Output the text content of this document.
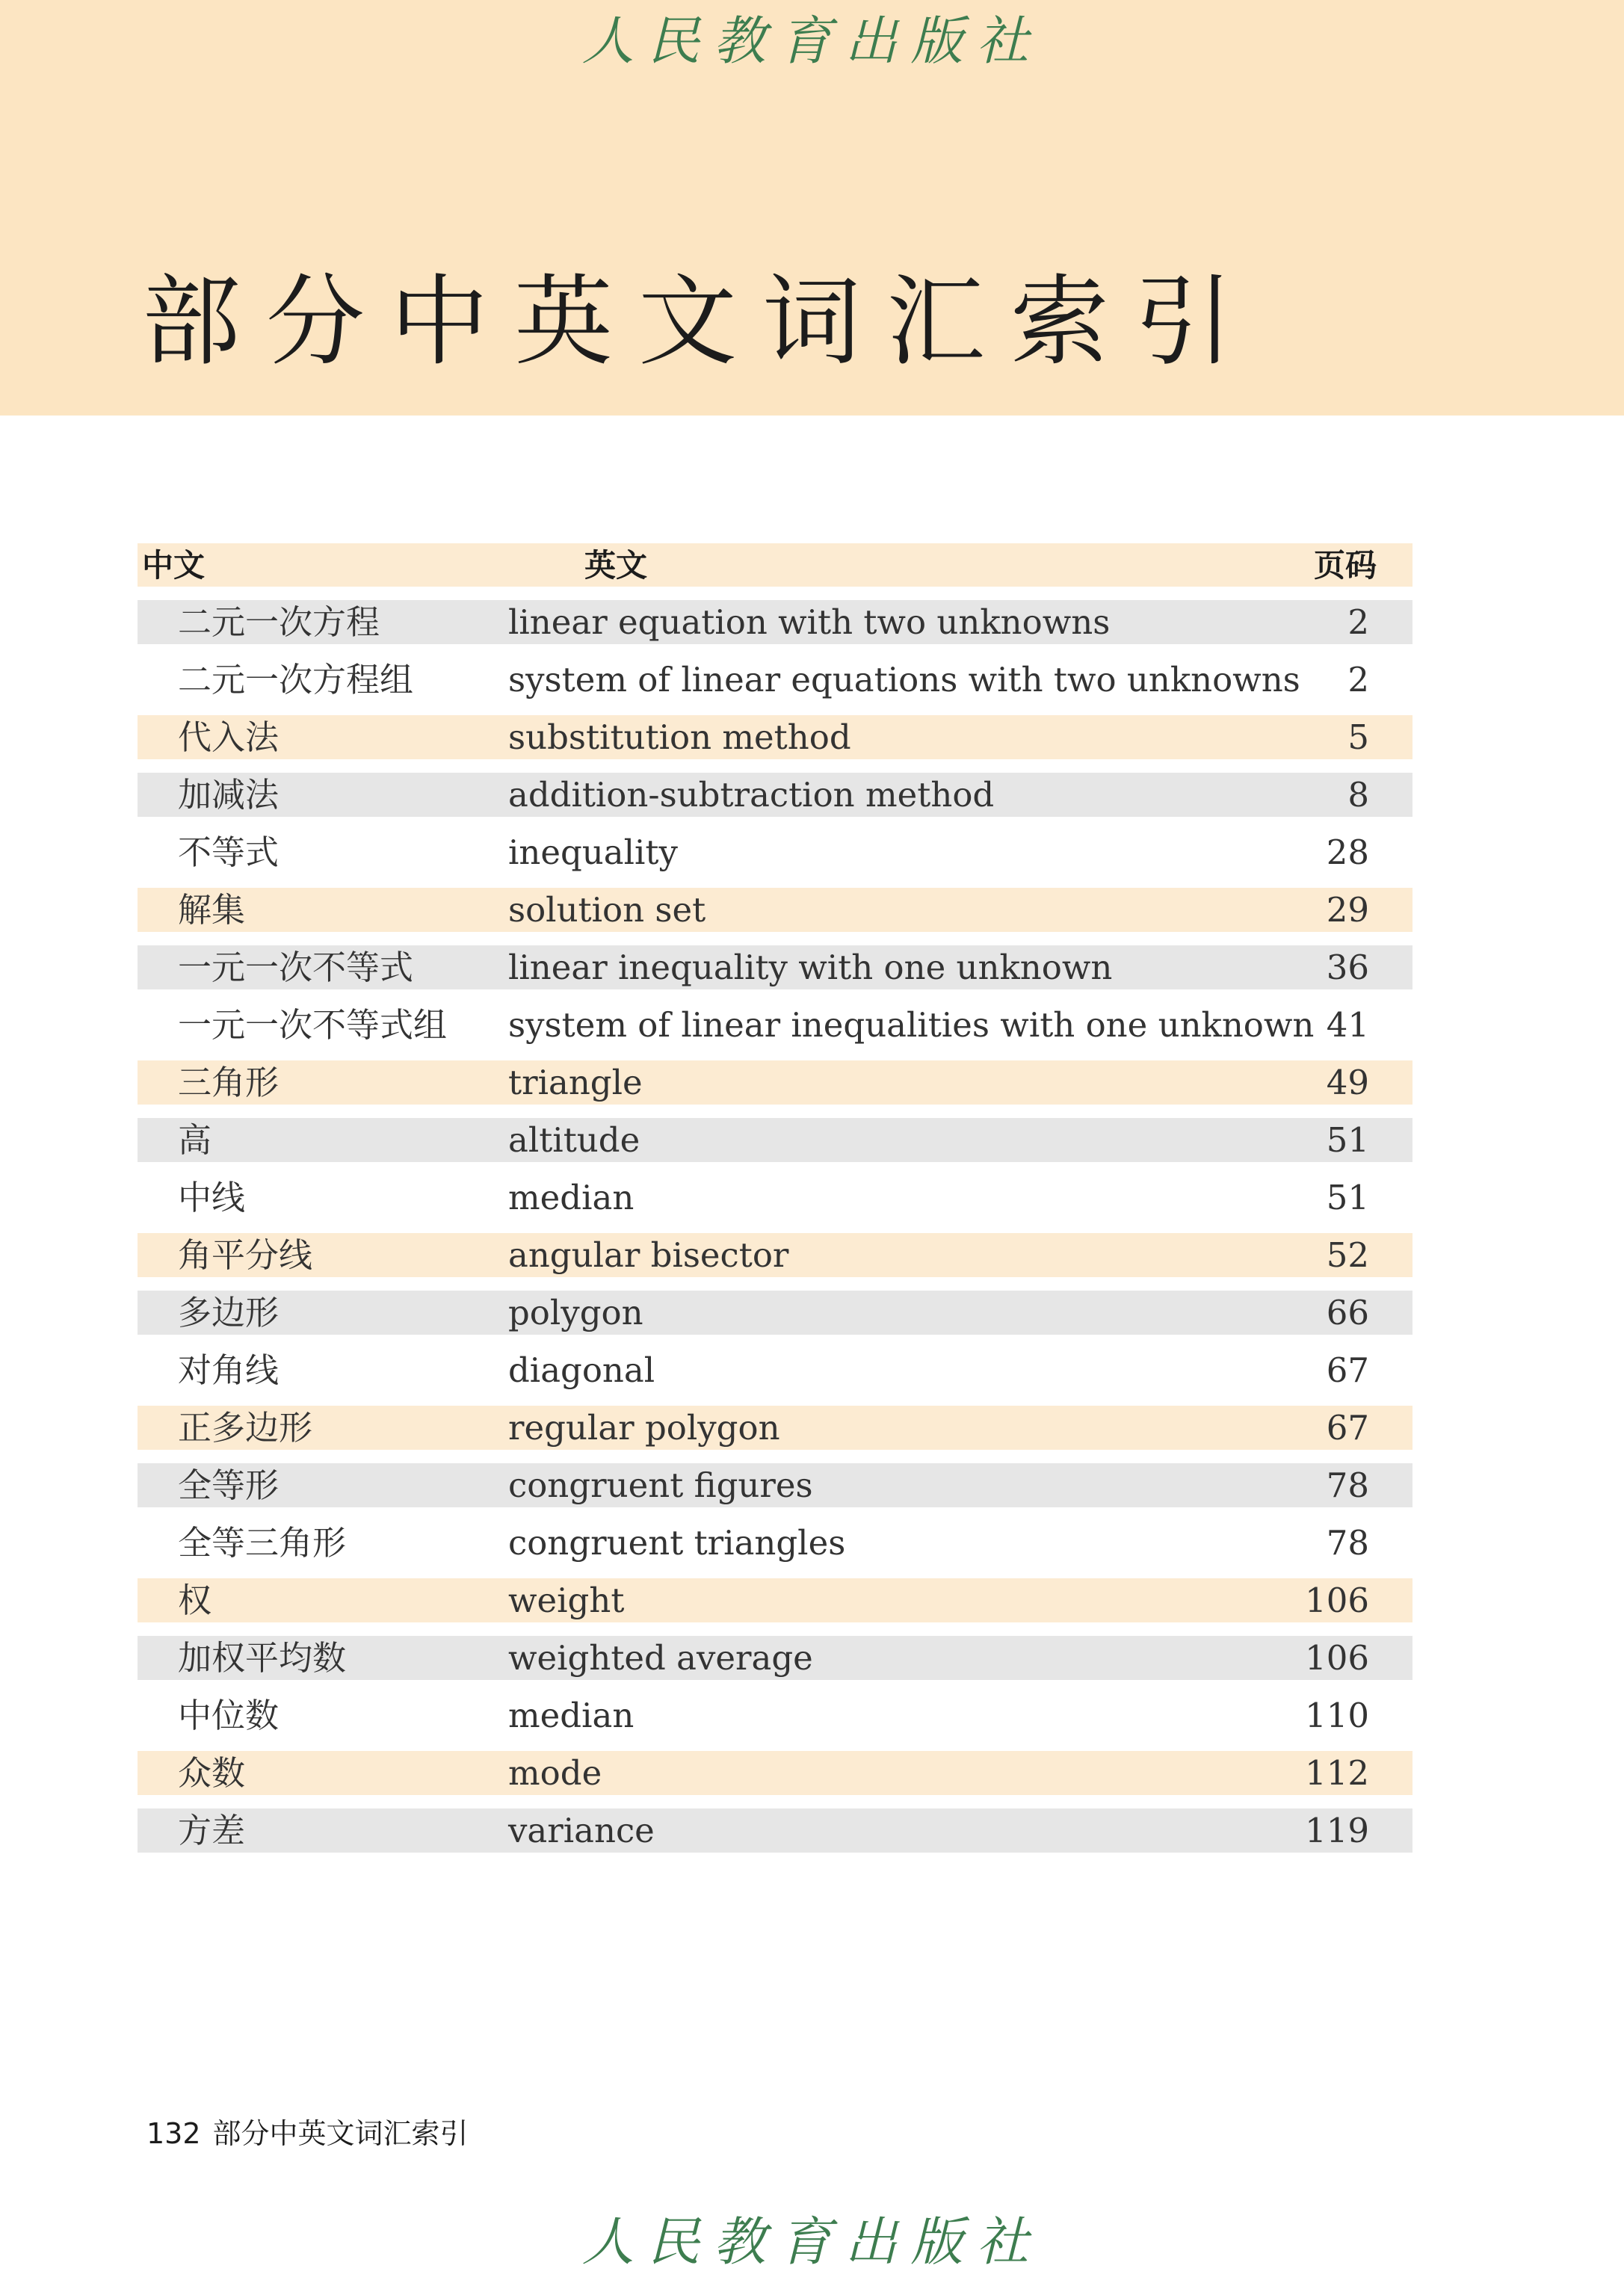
人民教育出版社
部分中英文词汇索引
中文	英文	页码
二元一次方程	linear equation with two unknowns	2
二元一次方程组	system of linear equations with two unknowns 2
代入法	substitution method	5
加减法	addition-subtraction method	8
不等式	inequality	28
解集	solution set	29
一元一次不等式	linear inequality with one unknown	36
一元一次不等式组 system of linear inequalities with one unknown 41
三角形	triangle	49
高	altitude	51
中线	median	51
角平分线	angular bisector	52
多边形	polygon	66
对角线	diagonal	67
正多边形	regular polygon	67
全等形	congruent figures	78
全等三角形	congruent triangles	78
权	weight	106
加权平均数	weighted average	106
中位数	median	110
众数	mode	112
方差	variance	119
132 部分中英文词汇索引
人民教育出版社
